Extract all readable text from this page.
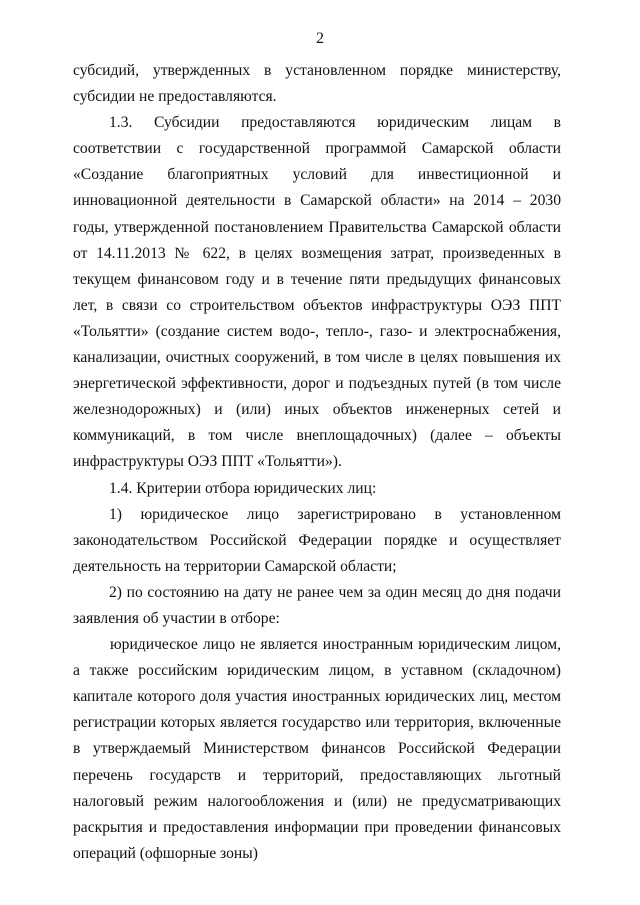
2

субсидий, утвержденных в установленном порядке министерству, субсидии не предоставляются.

1.3. Субсидии предоставляются юридическим лицам в соответствии с государственной программой Самарской области «Создание благоприятных условий для инвестиционной и инновационной деятельности в Самарской области» на 2014 – 2030 годы, утвержденной постановлением Правительства Самарской области от 14.11.2013 № 622, в целях возмещения затрат, произведенных в текущем финансовом году и в течение пяти предыдущих финансовых лет, в связи со строительством объектов инфраструктуры ОЭЗ ППТ «Тольятти» (создание систем водо-, тепло-, газо- и электроснабжения, канализации, очистных сооружений, в том числе в целях повышения их энергетической эффективности, дорог и подъездных путей (в том числе железнодорожных) и (или) иных объектов инженерных сетей и коммуникаций, в том числе внеплощадочных) (далее – объекты инфраструктуры ОЭЗ ППТ «Тольятти»).

1.4. Критерии отбора юридических лиц:

1) юридическое лицо зарегистрировано в установленном законодательством Российской Федерации порядке и осуществляет деятельность на территории Самарской области;

2) по состоянию на дату не ранее чем за один месяц до дня подачи заявления об участии в отборе:

юридическое лицо не является иностранным юридическим лицом, а также российским юридическим лицом, в уставном (складочном) капитале которого доля участия иностранных юридических лиц, местом регистрации которых является государство или территория, включенные в утверждаемый Министерством финансов Российской Федерации перечень государств и территорий, предоставляющих льготный налоговый режим налогообложения и (или) не предусматривающих раскрытия и предоставления информации при проведении финансовых операций (офшорные зоны)
